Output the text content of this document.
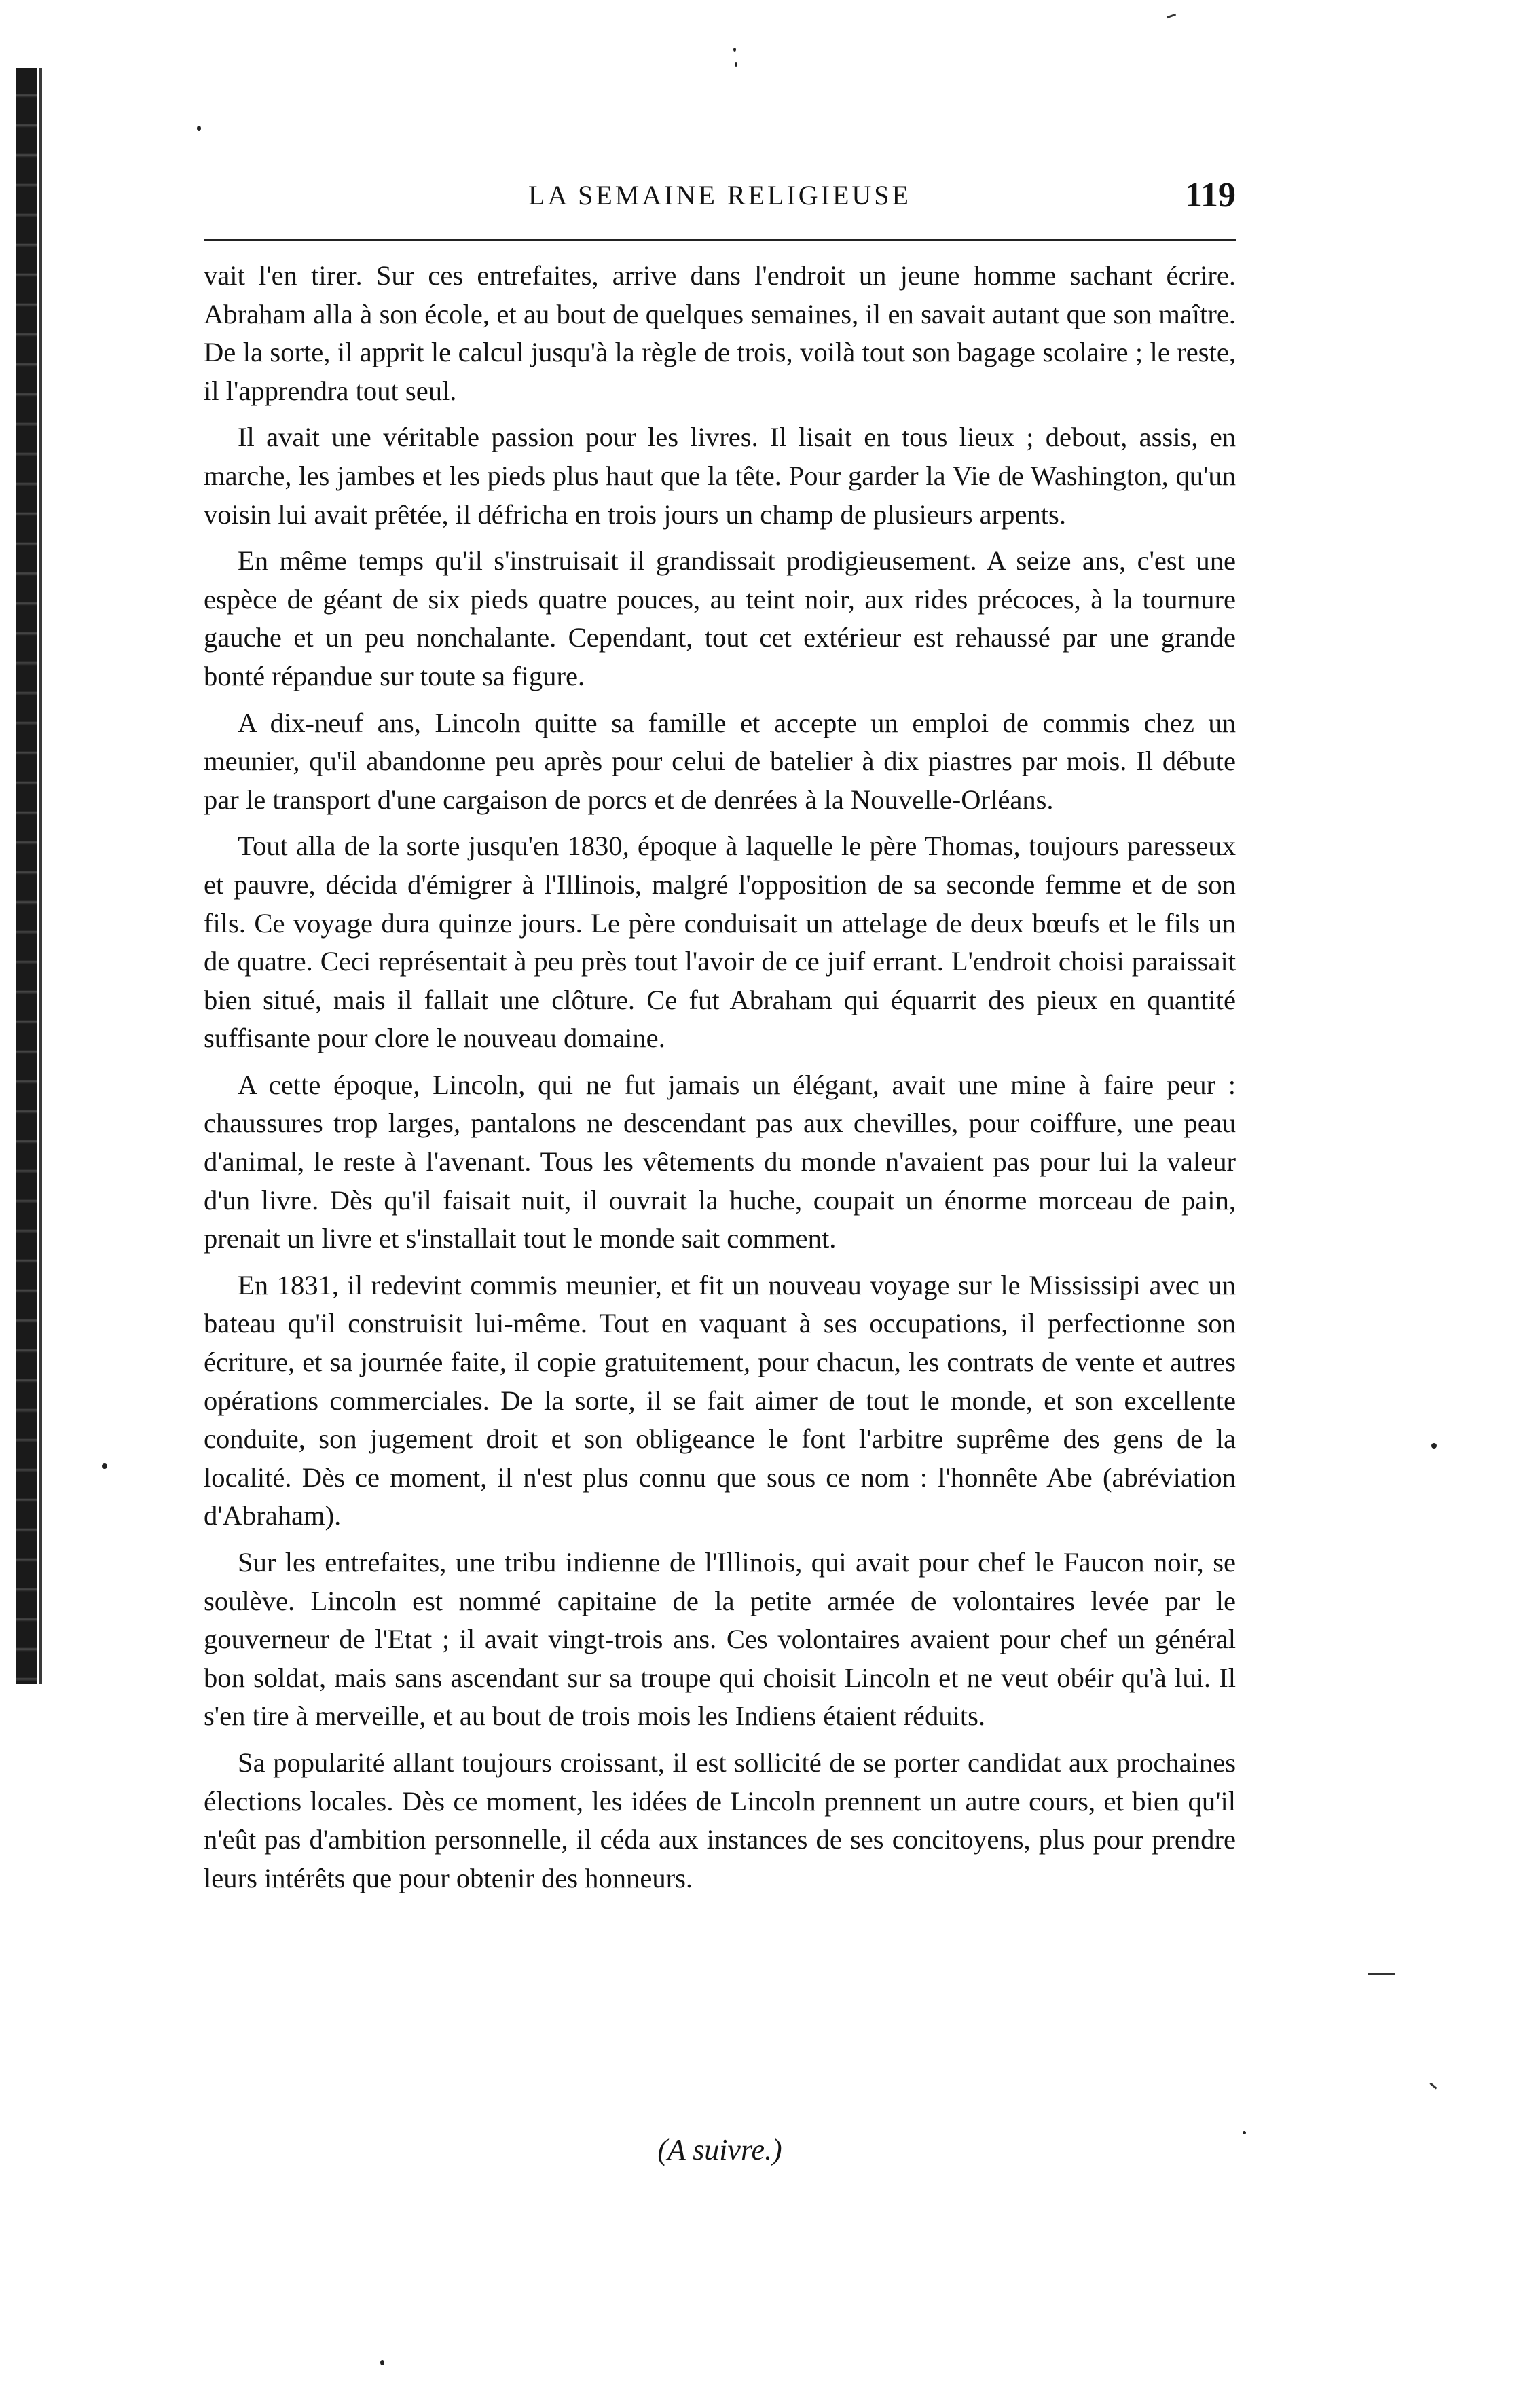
LA SEMAINE RELIGIEUSE	119

vait l'en tirer. Sur ces entrefaites, arrive dans l'endroit un jeune homme sachant écrire. Abraham alla à son école, et au bout de quelques semaines, il en savait autant que son maître. De la sorte, il apprit le calcul jusqu'à la règle de trois, voilà tout son bagage scolaire ; le reste, il l'apprendra tout seul.

Il avait une véritable passion pour les livres. Il lisait en tous lieux ; debout, assis, en marche, les jambes et les pieds plus haut que la tête. Pour garder la Vie de Washington, qu'un voisin lui avait prêtée, il défricha en trois jours un champ de plusieurs arpents.

En même temps qu'il s'instruisait il grandissait prodigieusement. A seize ans, c'est une espèce de géant de six pieds quatre pouces, au teint noir, aux rides précoces, à la tournure gauche et un peu nonchalante. Cependant, tout cet extérieur est rehaussé par une grande bonté répandue sur toute sa figure.

A dix-neuf ans, Lincoln quitte sa famille et accepte un emploi de commis chez un meunier, qu'il abandonne peu après pour celui de batelier à dix piastres par mois. Il débute par le transport d'une cargaison de porcs et de denrées à la Nouvelle-Orléans.

Tout alla de la sorte jusqu'en 1830, époque à laquelle le père Thomas, toujours paresseux et pauvre, décida d'émigrer à l'Illinois, malgré l'opposition de sa seconde femme et de son fils. Ce voyage dura quinze jours. Le père conduisait un attelage de deux bœufs et le fils un de quatre. Ceci représentait à peu près tout l'avoir de ce juif errant. L'endroit choisi paraissait bien situé, mais il fallait une clôture. Ce fut Abraham qui équarrit des pieux en quantité suffisante pour clore le nouveau domaine.

A cette époque, Lincoln, qui ne fut jamais un élégant, avait une mine à faire peur : chaussures trop larges, pantalons ne descendant pas aux chevilles, pour coiffure, une peau d'animal, le reste à l'avenant. Tous les vêtements du monde n'avaient pas pour lui la valeur d'un livre. Dès qu'il faisait nuit, il ouvrait la huche, coupait un énorme morceau de pain, prenait un livre et s'installait tout le monde sait comment.

En 1831, il redevint commis meunier, et fit un nouveau voyage sur le Mississipi avec un bateau qu'il construisit lui-même. Tout en vaquant à ses occupations, il perfectionne son écriture, et sa journée faite, il copie gratuitement, pour chacun, les contrats de vente et autres opérations commerciales. De la sorte, il se fait aimer de tout le monde, et son excellente conduite, son jugement droit et son obligeance le font l'arbitre suprême des gens de la localité. Dès ce moment, il n'est plus connu que sous ce nom : l'honnête Abe (abréviation d'Abraham).

Sur les entrefaites, une tribu indienne de l'Illinois, qui avait pour chef le Faucon noir, se soulève. Lincoln est nommé capitaine de la petite armée de volontaires levée par le gouverneur de l'Etat ; il avait vingt-trois ans. Ces volontaires avaient pour chef un général bon soldat, mais sans ascendant sur sa troupe qui choisit Lincoln et ne veut obéir qu'à lui. Il s'en tire à merveille, et au bout de trois mois les Indiens étaient réduits.

Sa popularité allant toujours croissant, il est sollicité de se porter candidat aux prochaines élections locales. Dès ce moment, les idées de Lincoln prennent un autre cours, et bien qu'il n'eût pas d'ambition personnelle, il céda aux instances de ses concitoyens, plus pour prendre leurs intérêts que pour obtenir des honneurs.

(A suivre.)
